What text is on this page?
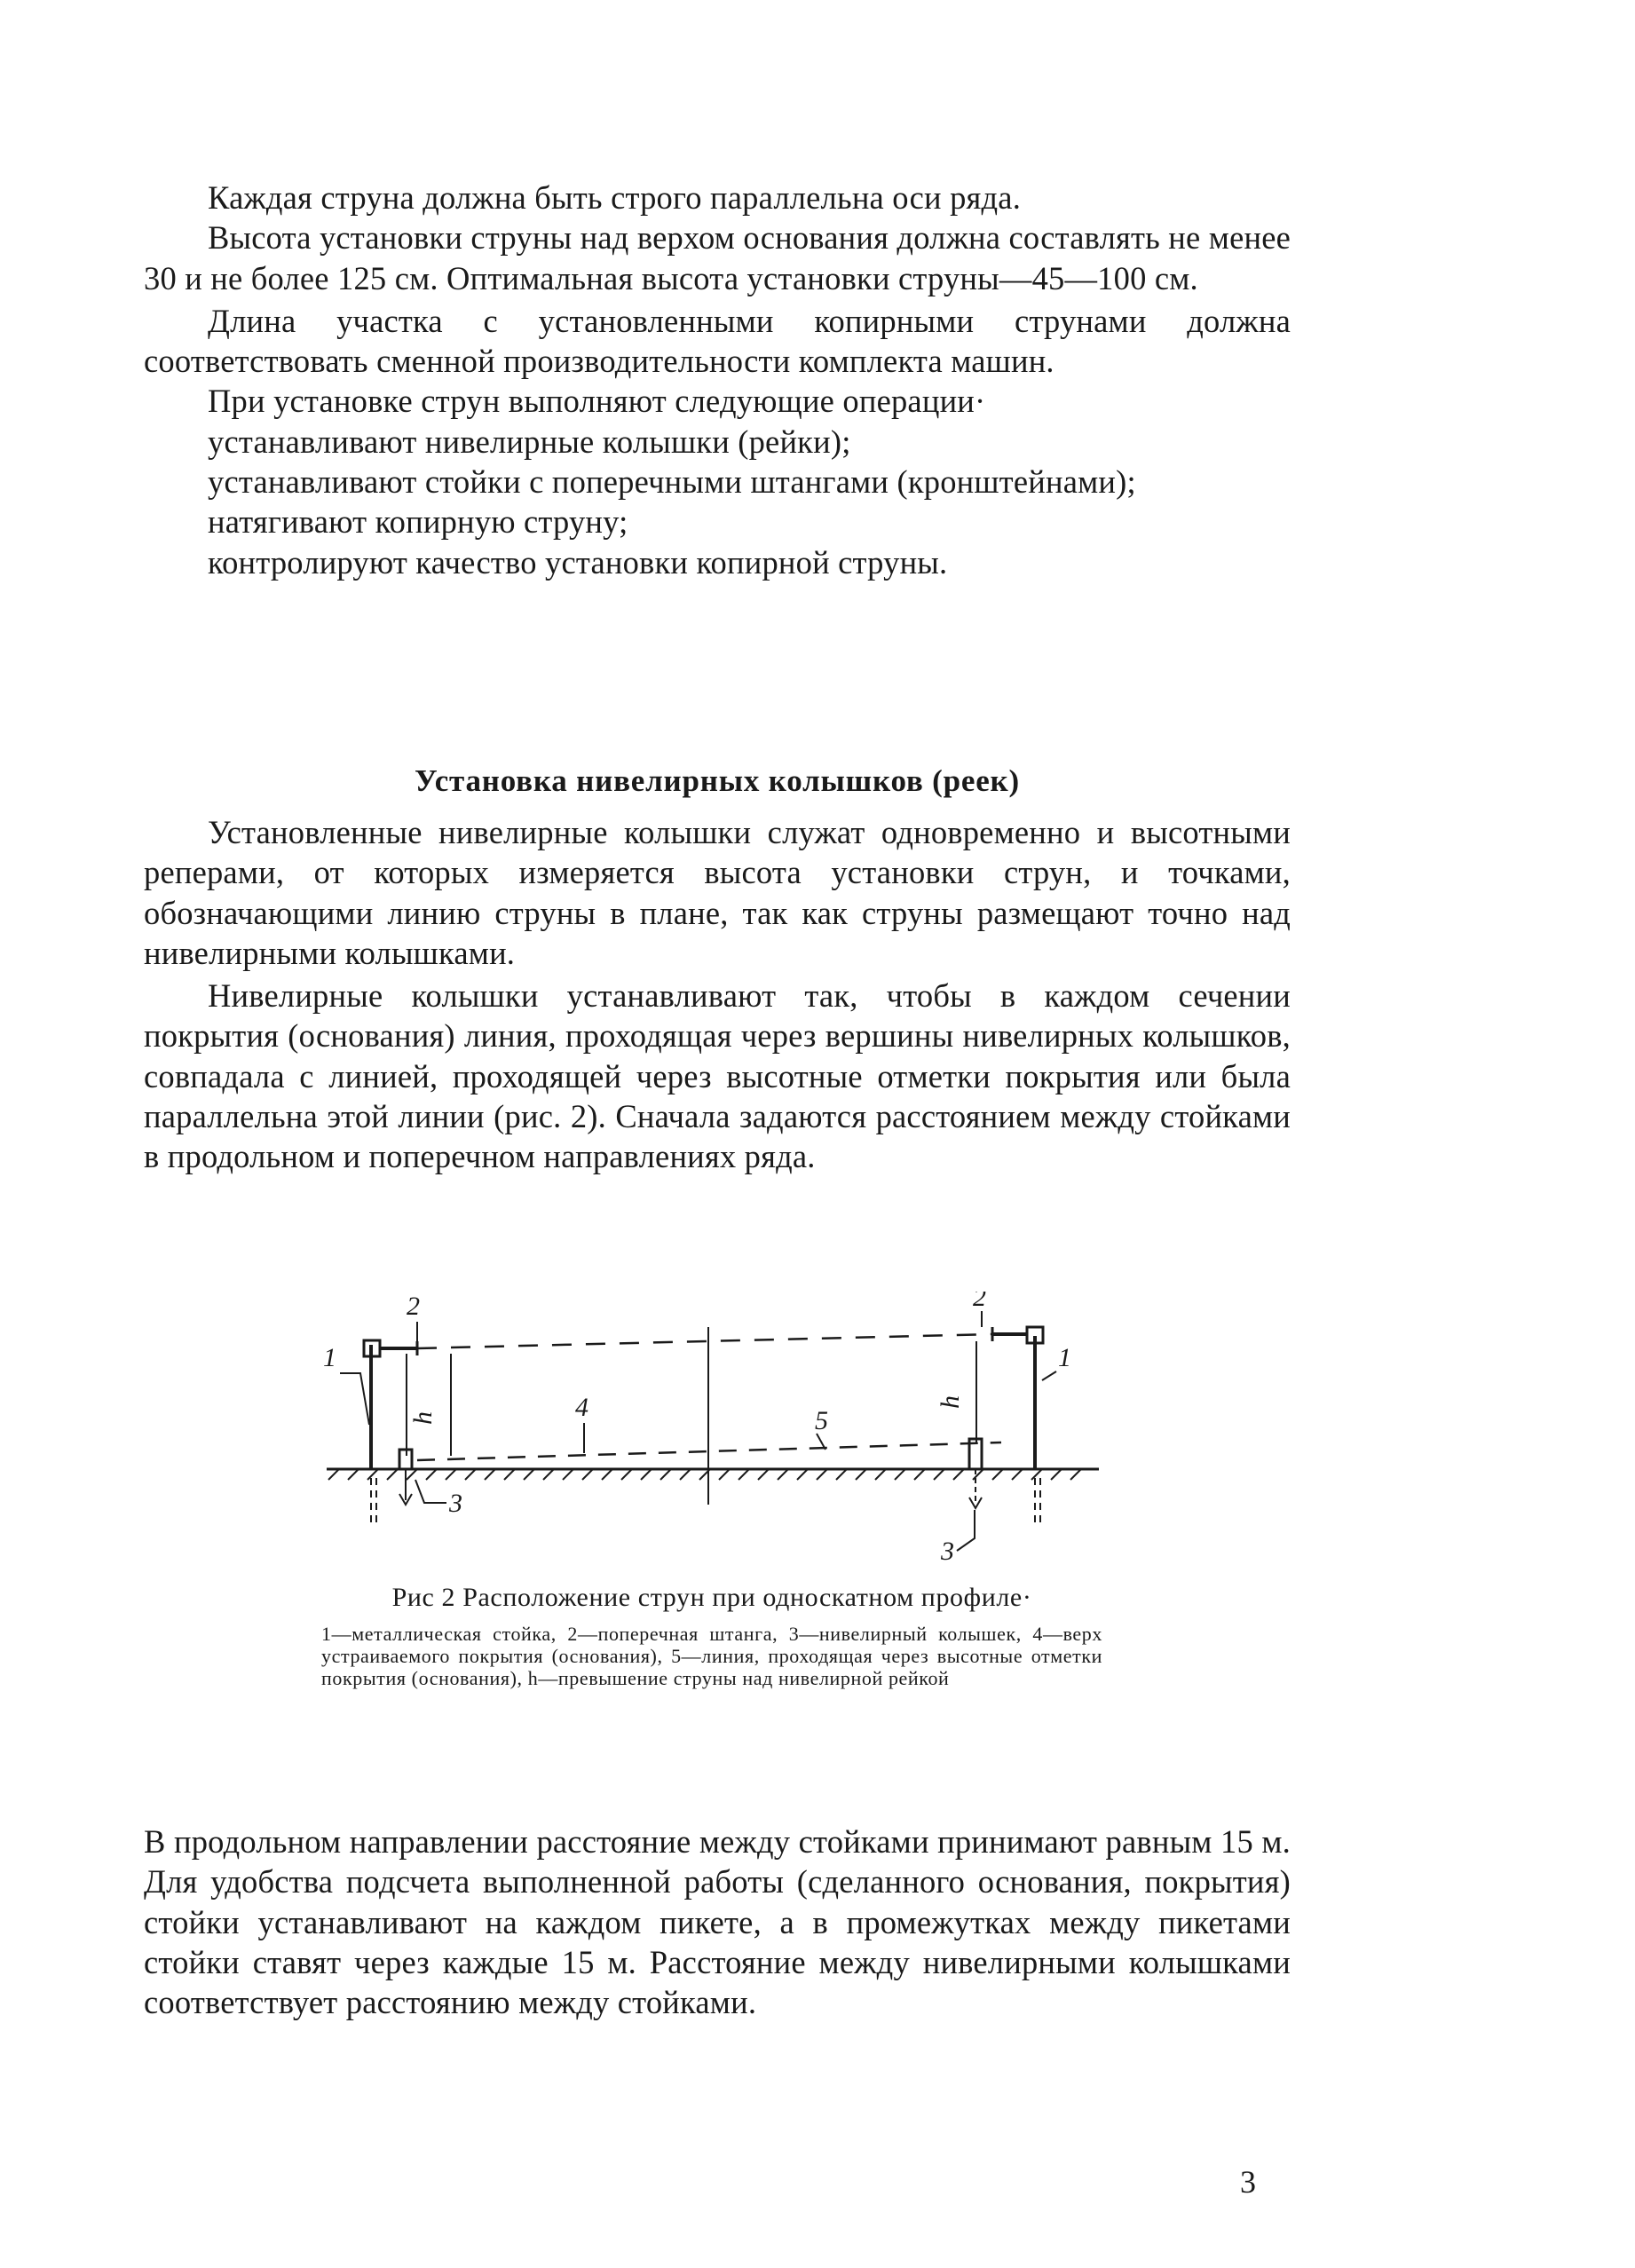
Каждая струна должна быть строго параллельна оси ряда.

Высота установки струны над верхом основания должна составлять не менее 30 и не более 125 см. Оптимальная высота установки струны—45—100 см.

Длина участка с установленными копирными струнами должна соответствовать сменной производительности комплекта машин.

При установке струн выполняют следующие операции·

устанавливают нивелирные колышки (рейки);

устанавливают стойки с поперечными штангами (кронштейнами);

натягивают копирную струну;

контролируют качество установки копирной струны.

Установка нивелирных колышков (реек)

Установленные нивелирные колышки служат одновременно и высотными реперами, от которых измеряется высота установки струн, и точками, обозначающими линию струны в плане, так как струны размещают точно над нивелирными колышками.

Нивелирные колышки устанавливают так, чтобы в каждом сечении покрытия (основания) линия, проходящая через вершины нивелирных колышков, совпадала с линией, проходящей через высотные отметки покрытия или была параллельна этой линии (рис. 2). Сначала задаются расстоянием между стойками в продольном и поперечном направлениях ряда.

1
2
h	4	5
2
h
1
3
3

Рис 2 Расположение струн при односкатном профиле·

1—металлическая стойка, 2—поперечная штанга, 3—нивелирный колышек, 4—верх устраиваемого покрытия (основания), 5—линия, проходящая через высотные отметки покрытия (основания), h—превышение струны над нивелирной рейкой

В продольном направлении расстояние между стойками принимают равным 15 м. Для удобства подсчета выполненной работы (сделанного основания, покрытия) стойки устанавливают на каждом пикете, а в промежутках между пикетами стойки ставят через каждые 15 м. Расстояние между нивелирными колышками соответствует расстоянию между стойками.

3
